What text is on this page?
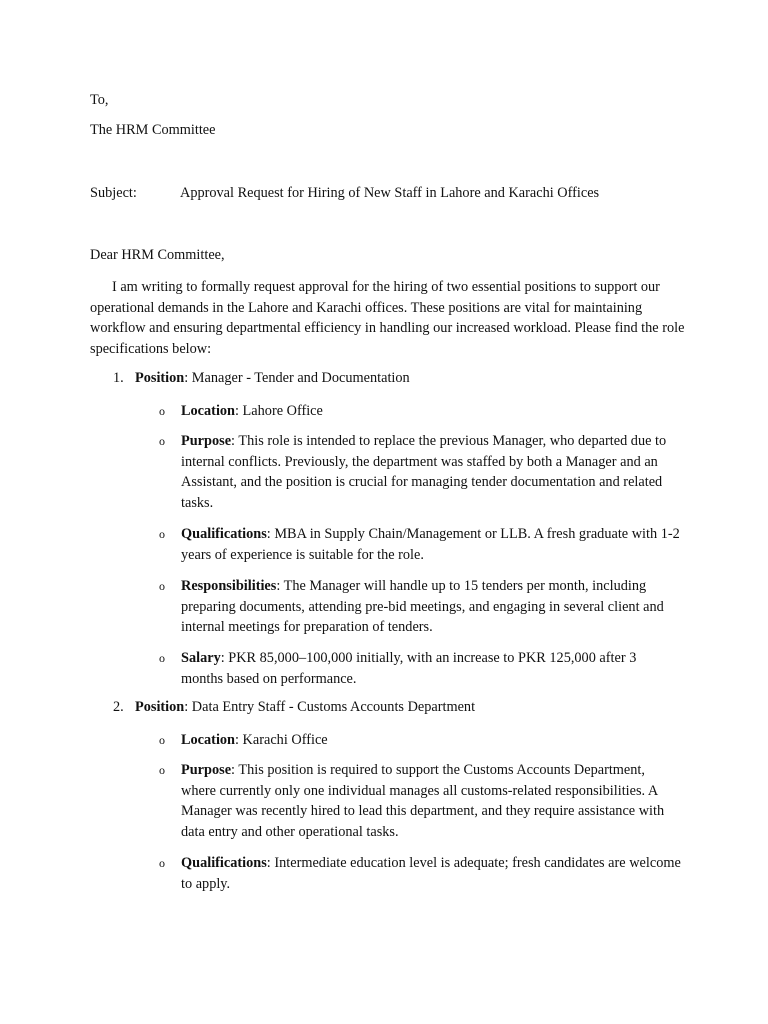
To,
The HRM Committee
Subject:	Approval Request for Hiring of New Staff in Lahore and Karachi Offices
Dear HRM Committee,
I am writing to formally request approval for the hiring of two essential positions to support our operational demands in the Lahore and Karachi offices. These positions are vital for maintaining workflow and ensuring departmental efficiency in handling our increased workload. Please find the role specifications below:
1. Position: Manager - Tender and Documentation
o Location: Lahore Office
o Purpose: This role is intended to replace the previous Manager, who departed due to internal conflicts. Previously, the department was staffed by both a Manager and an Assistant, and the position is crucial for managing tender documentation and related tasks.
o Qualifications: MBA in Supply Chain/Management or LLB. A fresh graduate with 1-2 years of experience is suitable for the role.
o Responsibilities: The Manager will handle up to 15 tenders per month, including preparing documents, attending pre-bid meetings, and engaging in several client and internal meetings for preparation of tenders.
o Salary: PKR 85,000–100,000 initially, with an increase to PKR 125,000 after 3 months based on performance.
2. Position: Data Entry Staff - Customs Accounts Department
o Location: Karachi Office
o Purpose: This position is required to support the Customs Accounts Department, where currently only one individual manages all customs-related responsibilities. A Manager was recently hired to lead this department, and they require assistance with data entry and other operational tasks.
o Qualifications: Intermediate education level is adequate; fresh candidates are welcome to apply.
